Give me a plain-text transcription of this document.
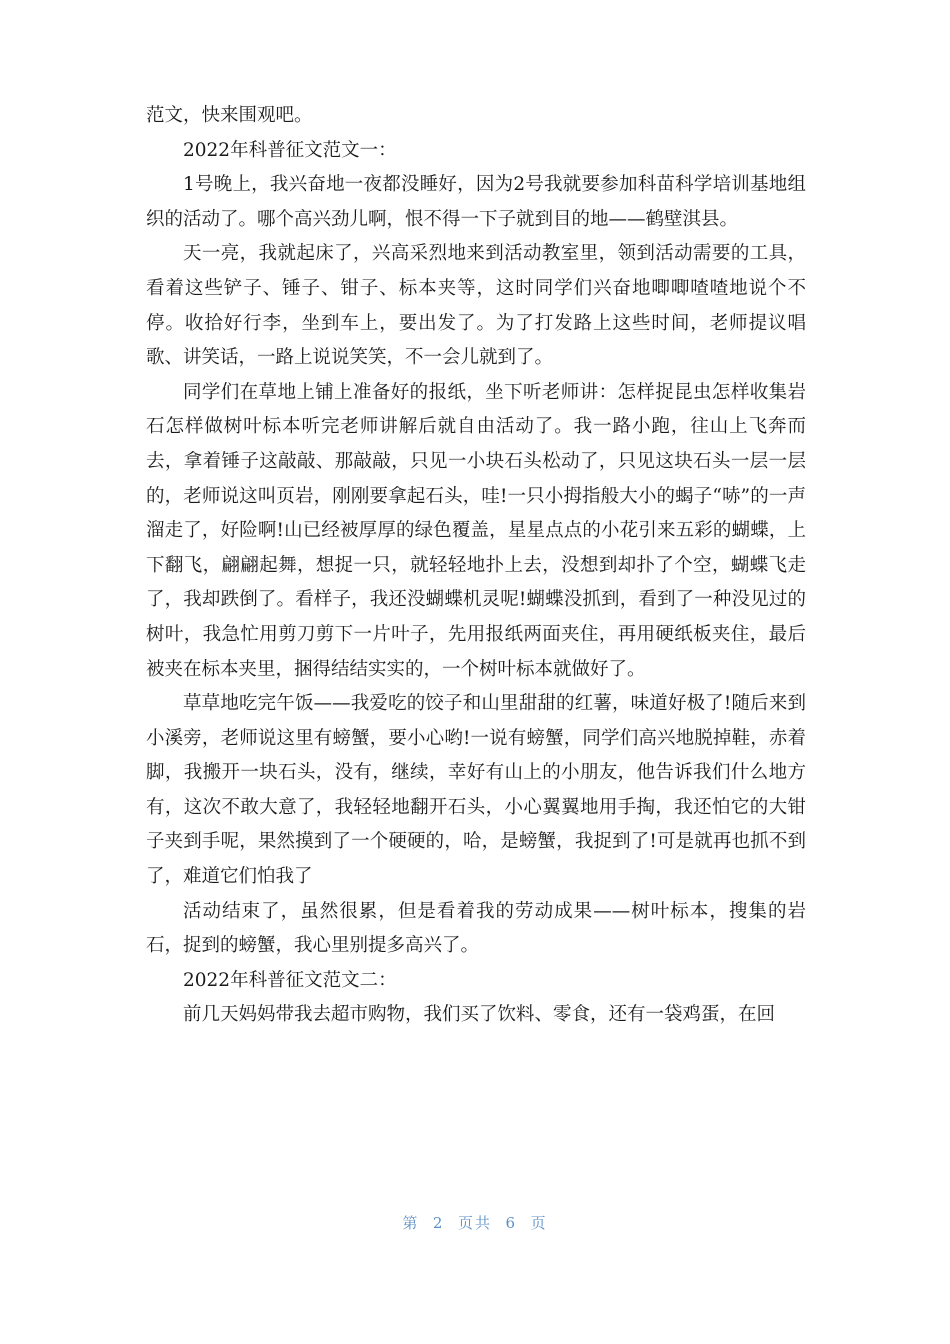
范文，快来围观吧。

2022年科普征文范文一：

1号晚上，我兴奋地一夜都没睡好，因为2号我就要参加科苗科学培训基地组织的活动了。哪个高兴劲儿啊，恨不得一下子就到目的地——鹤壁淇县。

天一亮，我就起床了，兴高采烈地来到活动教室里，领到活动需要的工具，看着这些铲子、锤子、钳子、标本夹等，这时同学们兴奋地唧唧喳喳地说个不停。收拾好行李，坐到车上，要出发了。为了打发路上这些时间，老师提议唱歌、讲笑话，一路上说说笑笑，不一会儿就到了。

同学们在草地上铺上准备好的报纸，坐下听老师讲：怎样捉昆虫怎样收集岩石怎样做树叶标本听完老师讲解后就自由活动了。我一路小跑，往山上飞奔而去，拿着锤子这敲敲、那敲敲，只见一小块石头松动了，只见这块石头一层一层的，老师说这叫页岩，刚刚要拿起石头，哇!一只小拇指般大小的蝎子“哧”的一声溜走了，好险啊!山已经被厚厚的绿色覆盖，星星点点的小花引来五彩的蝴蝶，上下翻飞，翩翩起舞，想捉一只，就轻轻地扑上去，没想到却扑了个空，蝴蝶飞走了，我却跌倒了。看样子，我还没蝴蝶机灵呢!蝴蝶没抓到，看到了一种没见过的树叶，我急忙用剪刀剪下一片叶子，先用报纸两面夹住，再用硬纸板夹住，最后被夹在标本夹里，捆得结结实实的，一个树叶标本就做好了。

草草地吃完午饭——我爱吃的饺子和山里甜甜的红薯，味道好极了!随后来到小溪旁，老师说这里有螃蟹，要小心哟!一说有螃蟹，同学们高兴地脱掉鞋，赤着脚，我搬开一块石头，没有，继续，幸好有山上的小朋友，他告诉我们什么地方有，这次不敢大意了，我轻轻地翻开石头，小心翼翼地用手掏，我还怕它的大钳子夹到手呢，果然摸到了一个硬硬的，哈，是螃蟹，我捉到了!可是就再也抓不到了，难道它们怕我了

活动结束了，虽然很累，但是看着我的劳动成果——树叶标本，搜集的岩石，捉到的螃蟹，我心里别提多高兴了。

2022年科普征文范文二：

前几天妈妈带我去超市购物，我们买了饮料、零食，还有一袋鸡蛋，在回

第 2 页共 6 页
